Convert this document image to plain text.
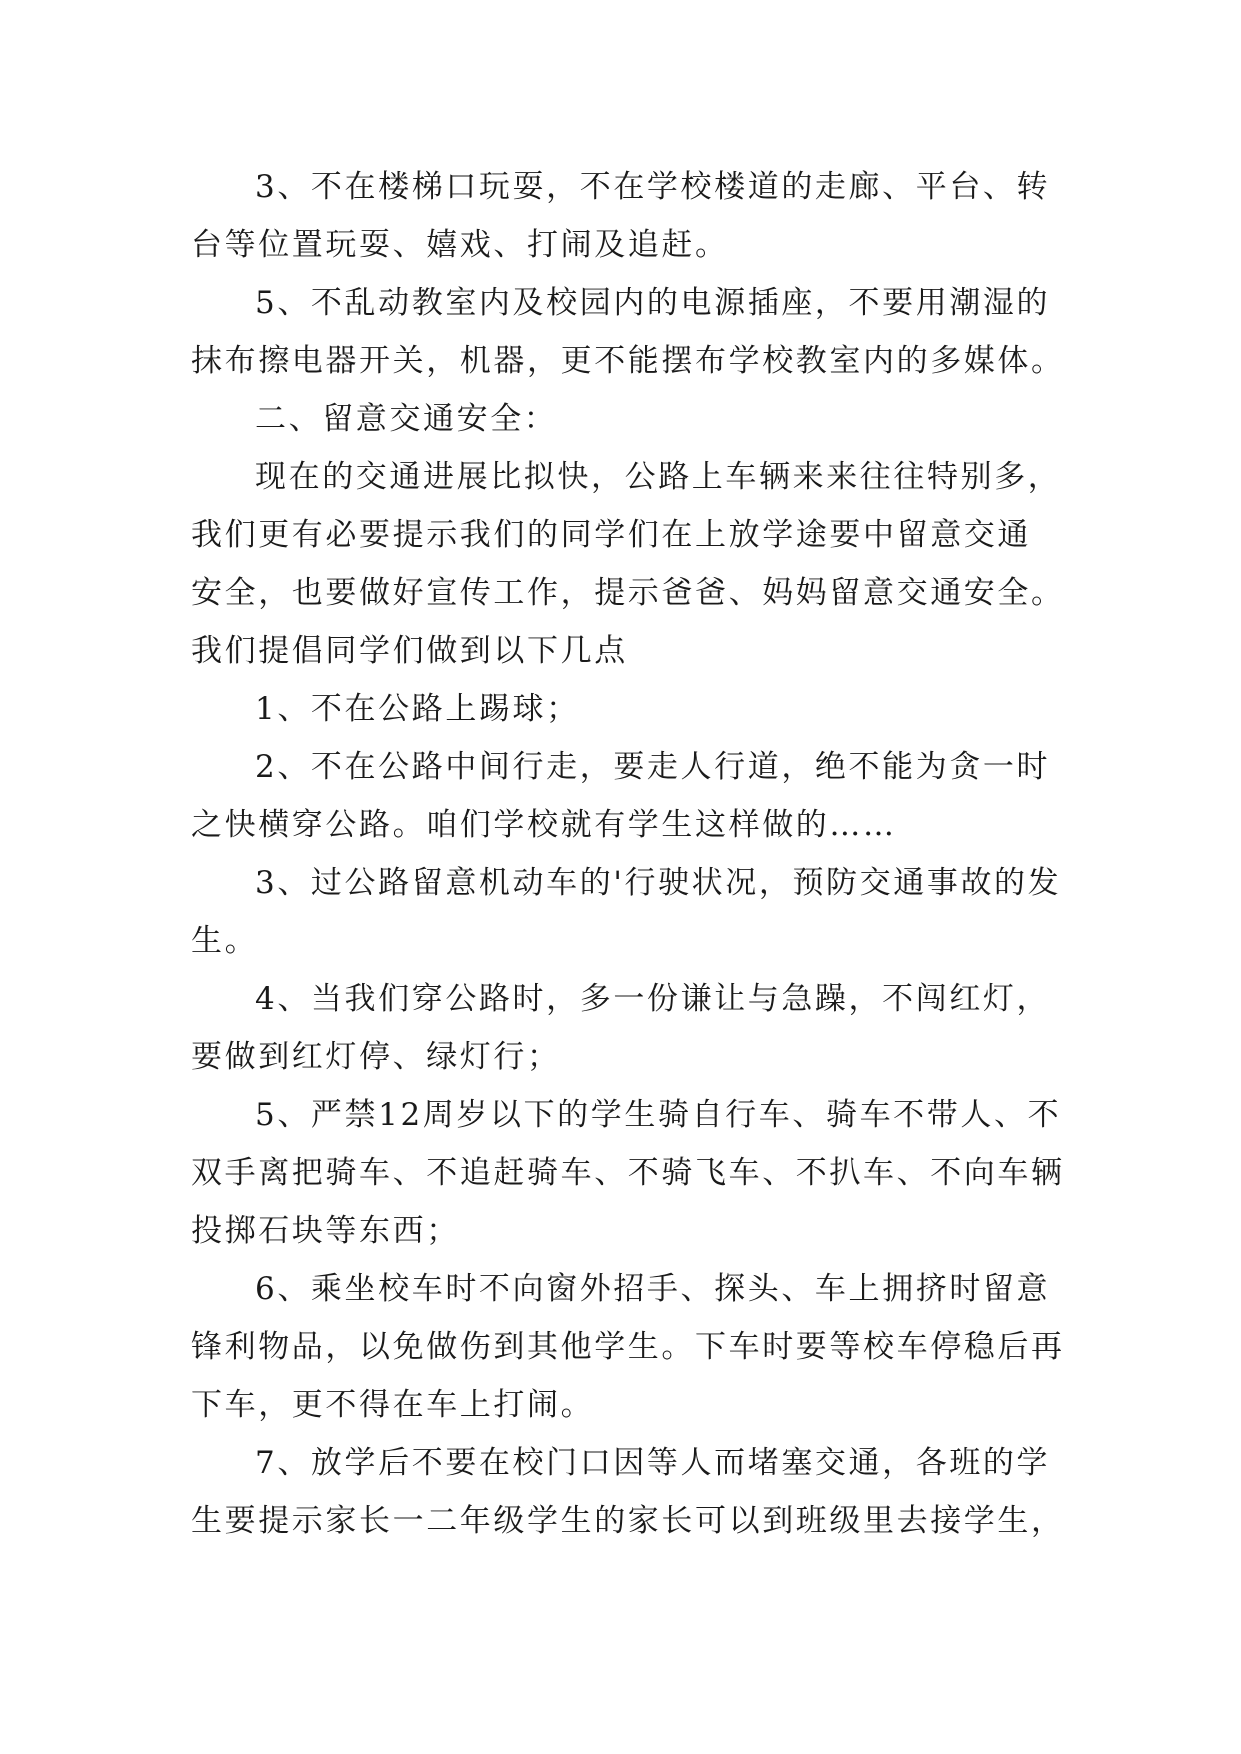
3、不在楼梯口玩耍，不在学校楼道的走廊、平台、转
台等位置玩耍、嬉戏、打闹及追赶。
5、不乱动教室内及校园内的电源插座，不要用潮湿的
抹布擦电器开关，机器，更不能摆布学校教室内的多媒体。
二、留意交通安全：
现在的交通进展比拟快，公路上车辆来来往往特别多，
我们更有必要提示我们的同学们在上放学途要中留意交通
安全，也要做好宣传工作，提示爸爸、妈妈留意交通安全。
我们提倡同学们做到以下几点
1、不在公路上踢球；
2、不在公路中间行走，要走人行道，绝不能为贪一时
之快横穿公路。咱们学校就有学生这样做的……
3、过公路留意机动车的'行驶状况，预防交通事故的发
生。
4、当我们穿公路时，多一份谦让与急躁，不闯红灯，
要做到红灯停、绿灯行；
5、严禁12周岁以下的学生骑自行车、骑车不带人、不
双手离把骑车、不追赶骑车、不骑飞车、不扒车、不向车辆
投掷石块等东西；
6、乘坐校车时不向窗外招手、探头、车上拥挤时留意
锋利物品，以免做伤到其他学生。下车时要等校车停稳后再
下车，更不得在车上打闹。
7、放学后不要在校门口因等人而堵塞交通，各班的学
生要提示家长一二年级学生的家长可以到班级里去接学生，
